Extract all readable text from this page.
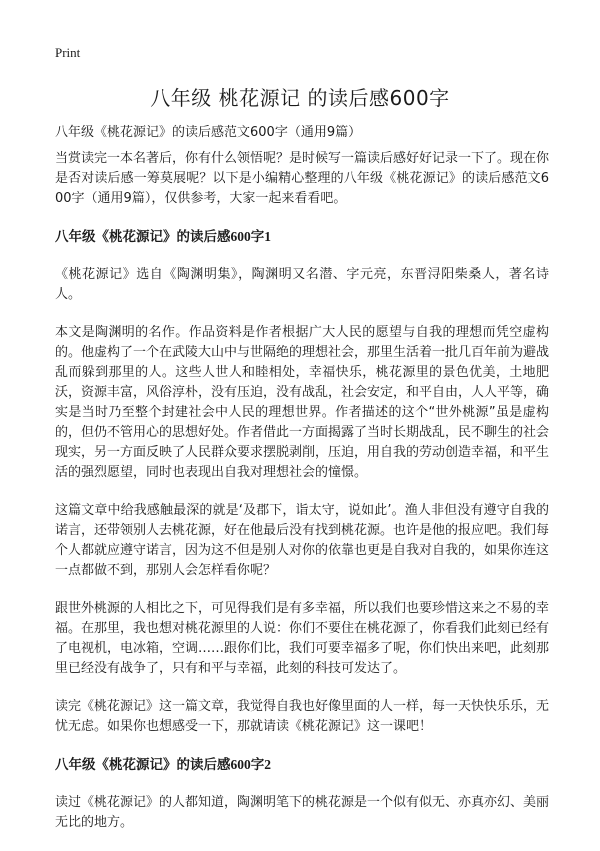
Print
八年级 桃花源记 的读后感600字

八年级《桃花源记》的读后感范文600字（通用9篇）

当赏读完一本名著后，你有什么领悟呢？是时候写一篇读后感好好记录一下了。现在你是否对读后感一筹莫展呢？以下是小编精心整理的八年级《桃花源记》的读后感范文600字（通用9篇），仅供参考，大家一起来看看吧。

八年级《桃花源记》的读后感600字1

《桃花源记》选自《陶渊明集》，陶渊明又名潜、字元亮，东晋浔阳柴桑人，著名诗人。

本文是陶渊明的名作。作品资料是作者根据广大人民的愿望与自我的理想而凭空虚构的。他虚构了一个在武陵大山中与世隔绝的理想社会，那里生活着一批几百年前为避战乱而躲到那里的人。这些人世人和睦相处，幸福快乐，桃花源里的景色优美，土地肥沃，资源丰富，风俗淳朴，没有压迫，没有战乱，社会安定，和平自由，人人平等，确实是当时乃至整个封建社会中人民的理想世界。作者描述的这个“世外桃源”虽是虚构的，但仍不管用心的思想好处。作者借此一方面揭露了当时长期战乱，民不聊生的社会现实，另一方面反映了人民群众要求摆脱剥削，压迫，用自我的劳动创造幸福，和平生活的强烈愿望，同时也表现出自我对理想社会的憧憬。

这篇文章中给我感触最深的就是‘及郡下，诣太守，说如此’。渔人非但没有遵守自我的诺言，还带领别人去桃花源，好在他最后没有找到桃花源。也许是他的报应吧。我们每个人都就应遵守诺言，因为这不但是别人对你的依靠也更是自我对自我的，如果你连这一点都做不到，那别人会怎样看你呢？

跟世外桃源的人相比之下，可见得我们是有多幸福，所以我们也要珍惜这来之不易的幸福。在那里，我也想对桃花源里的人说：你们不要住在桃花源了，你看我们此刻已经有了电视机，电冰箱，空调……跟你们比，我们可要幸福多了呢，你们快出来吧，此刻那里已经没有战争了，只有和平与幸福，此刻的科技可发达了。

读完《桃花源记》这一篇文章，我觉得自我也好像里面的人一样，每一天快快乐乐，无忧无虑。如果你也想感受一下，那就请读《桃花源记》这一课吧！

八年级《桃花源记》的读后感600字2

读过《桃花源记》的人都知道，陶渊明笔下的桃花源是一个似有似无、亦真亦幻、美丽无比的地方。
